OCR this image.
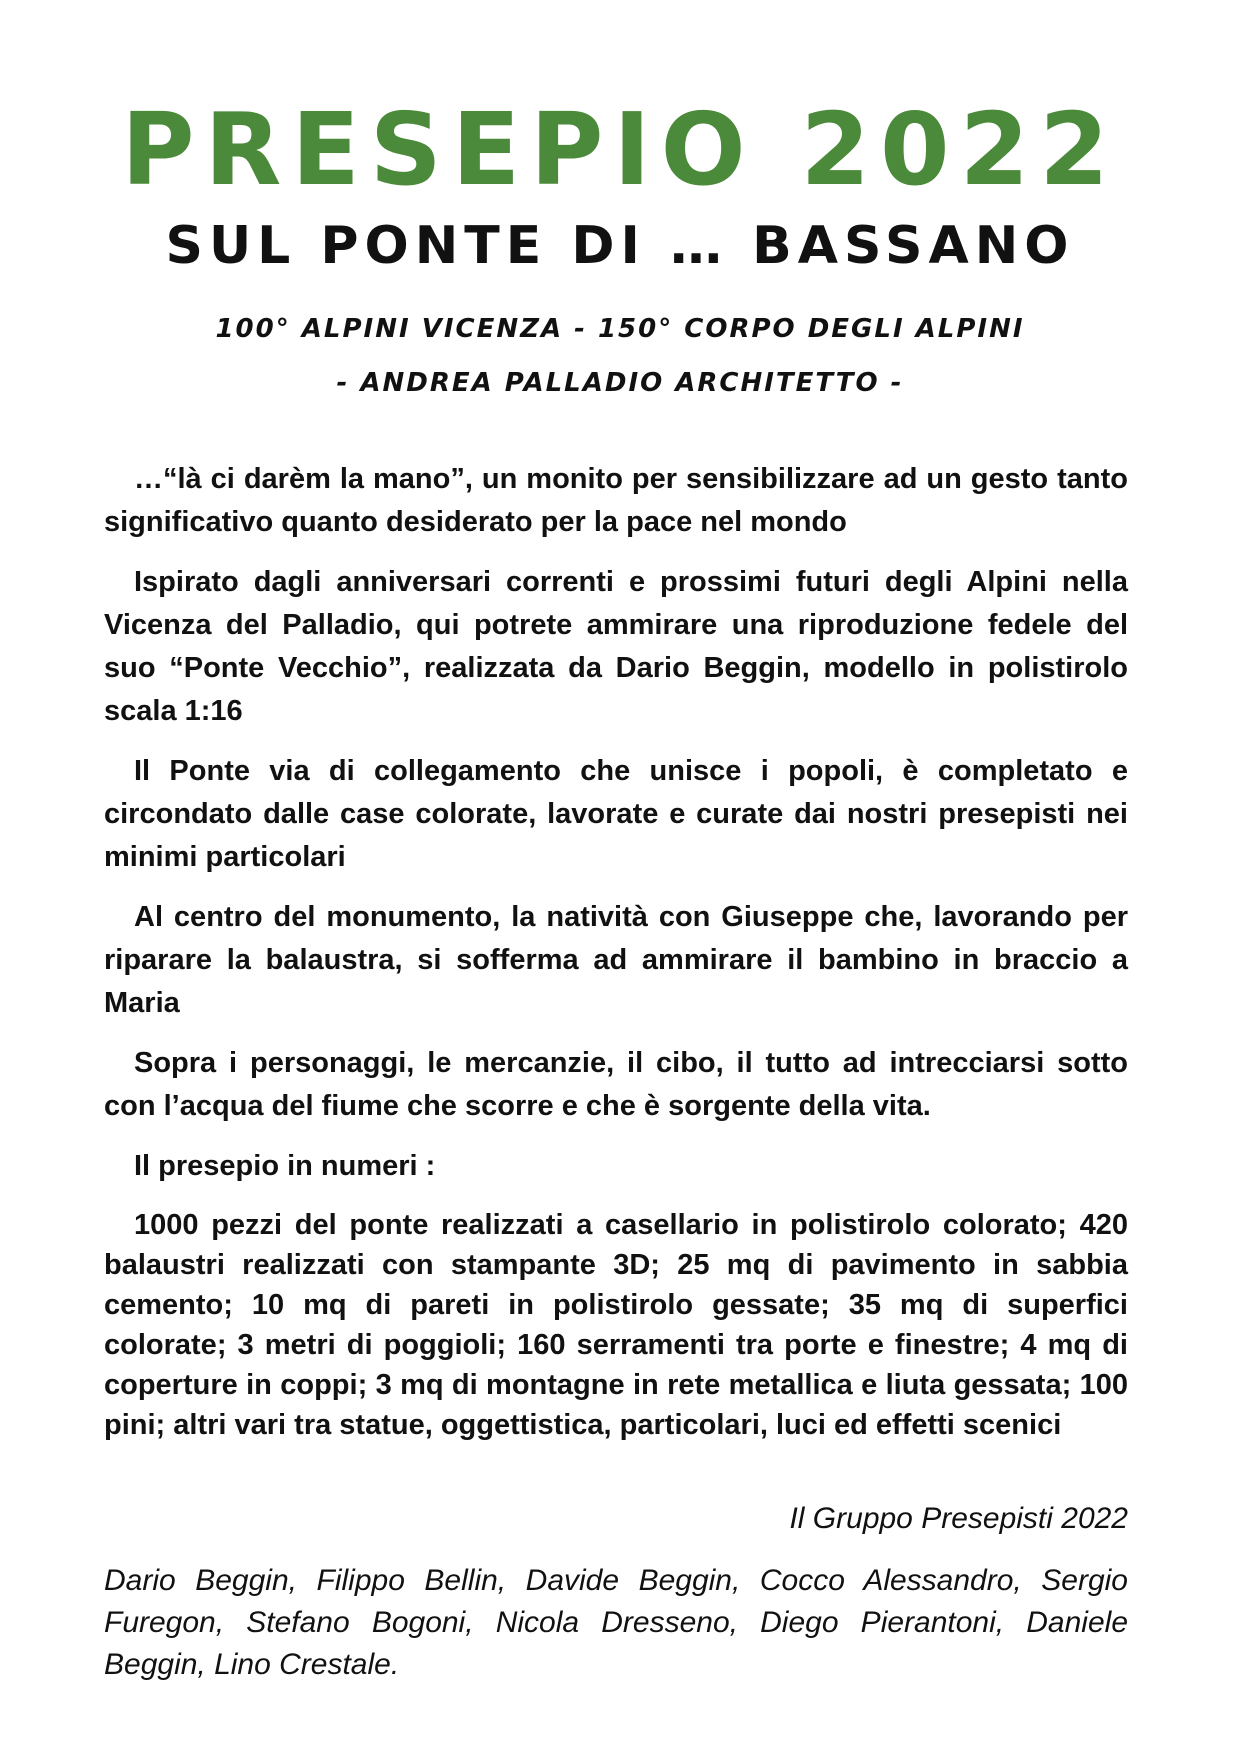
PRESEPIO 2022
SUL PONTE DI … BASSANO
100° ALPINI VICENZA - 150° CORPO DEGLI ALPINI
- ANDREA PALLADIO ARCHITETTO -

…“là ci darèm la mano”, un monito per sensibilizzare ad un gesto tanto significativo quanto desiderato per la pace nel mondo

Ispirato dagli anniversari correnti e prossimi futuri degli Alpini nella Vicenza del Palladio, qui potrete ammirare una riproduzione fedele del suo “Ponte Vecchio”, realizzata da Dario Beggin, modello in polistirolo scala 1:16

Il Ponte via di collegamento che unisce i popoli, è completato e circondato dalle case colorate, lavorate e curate dai nostri presepisti nei minimi particolari

Al centro del monumento, la natività con Giuseppe che, lavorando per riparare la balaustra, si sofferma ad ammirare il bambino in braccio a Maria

Sopra i personaggi, le mercanzie, il cibo, il tutto ad intrecciarsi sotto con l’acqua del fiume che scorre e che è sorgente della vita.

Il presepio in numeri :

1000 pezzi del ponte realizzati a casellario in polistirolo colorato; 420 balaustri realizzati con stampante 3D; 25 mq di pavimento in sabbia cemento; 10 mq di pareti in polistirolo gessate; 35 mq di superfici colorate; 3 metri di poggioli; 160 serramenti tra porte e finestre; 4 mq di coperture in coppi; 3 mq di montagne in rete metallica e liuta gessata; 100 pini; altri vari tra statue, oggettistica, particolari, luci ed effetti scenici

Il Gruppo Presepisti 2022
Dario Beggin, Filippo Bellin, Davide Beggin, Cocco Alessandro, Sergio Furegon, Stefano Bogoni, Nicola Dresseno, Diego Pierantoni, Daniele Beggin, Lino Crestale.
